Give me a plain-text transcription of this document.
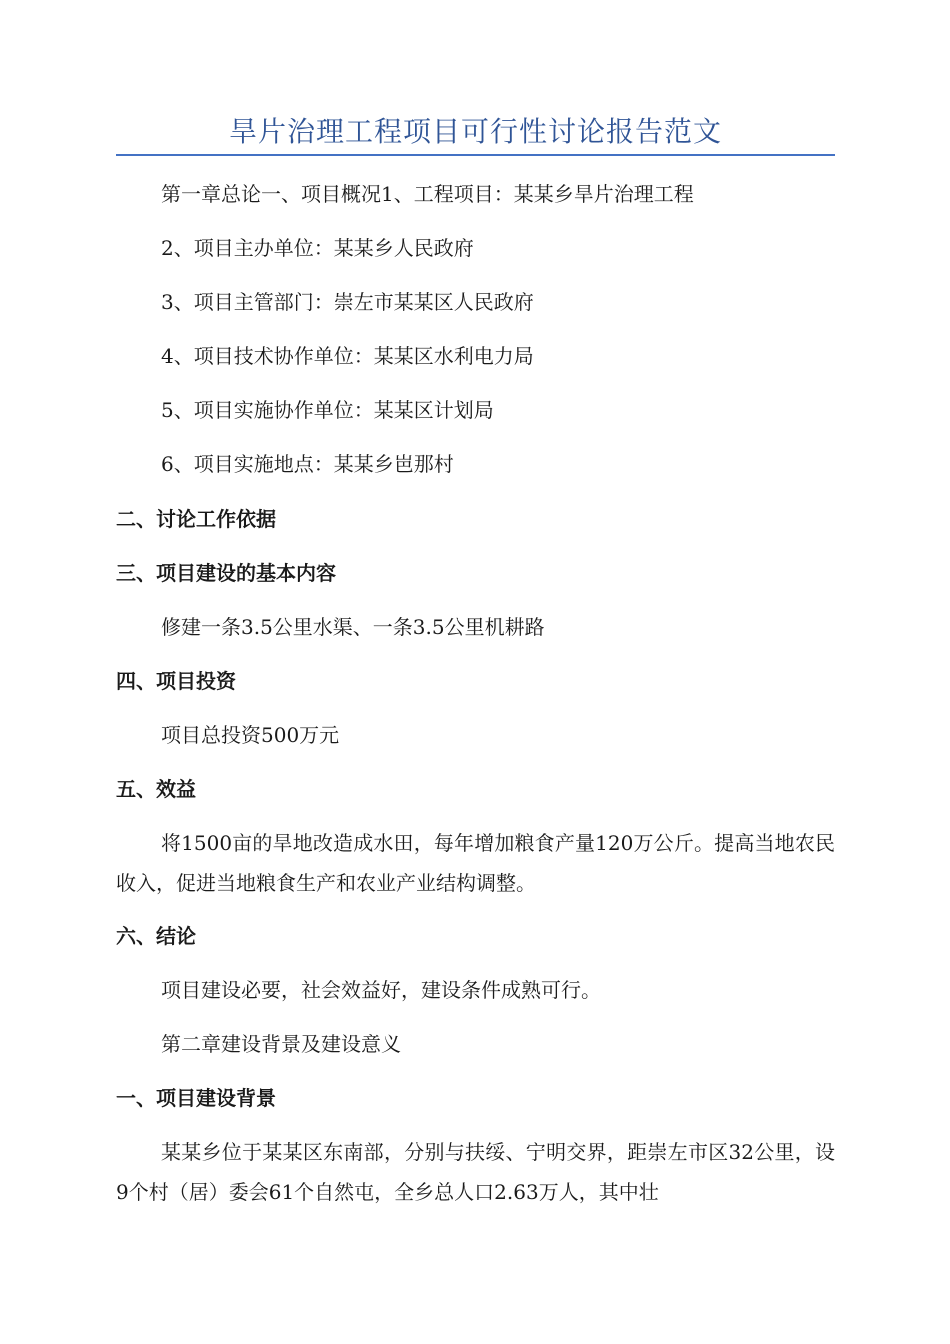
旱片治理工程项目可行性讨论报告范文
第一章总论一、项目概况1、工程项目：某某乡旱片治理工程
2、项目主办单位：某某乡人民政府
3、项目主管部门：崇左市某某区人民政府
4、项目技术协作单位：某某区水利电力局
5、项目实施协作单位：某某区计划局
6、项目实施地点：某某乡岜那村
二、讨论工作依据
三、项目建设的基本内容
修建一条3.5公里水渠、一条3.5公里机耕路
四、项目投资
项目总投资500万元
五、效益
将1500亩的旱地改造成水田，每年增加粮食产量120万公斤。提高当地农民收入，促进当地粮食生产和农业产业结构调整。
六、结论
项目建设必要，社会效益好，建设条件成熟可行。
第二章建设背景及建设意义
一、项目建设背景
某某乡位于某某区东南部，分别与扶绥、宁明交界，距崇左市区32公里，设9个村（居）委会61个自然屯，全乡总人口2.63万人，其中壮
